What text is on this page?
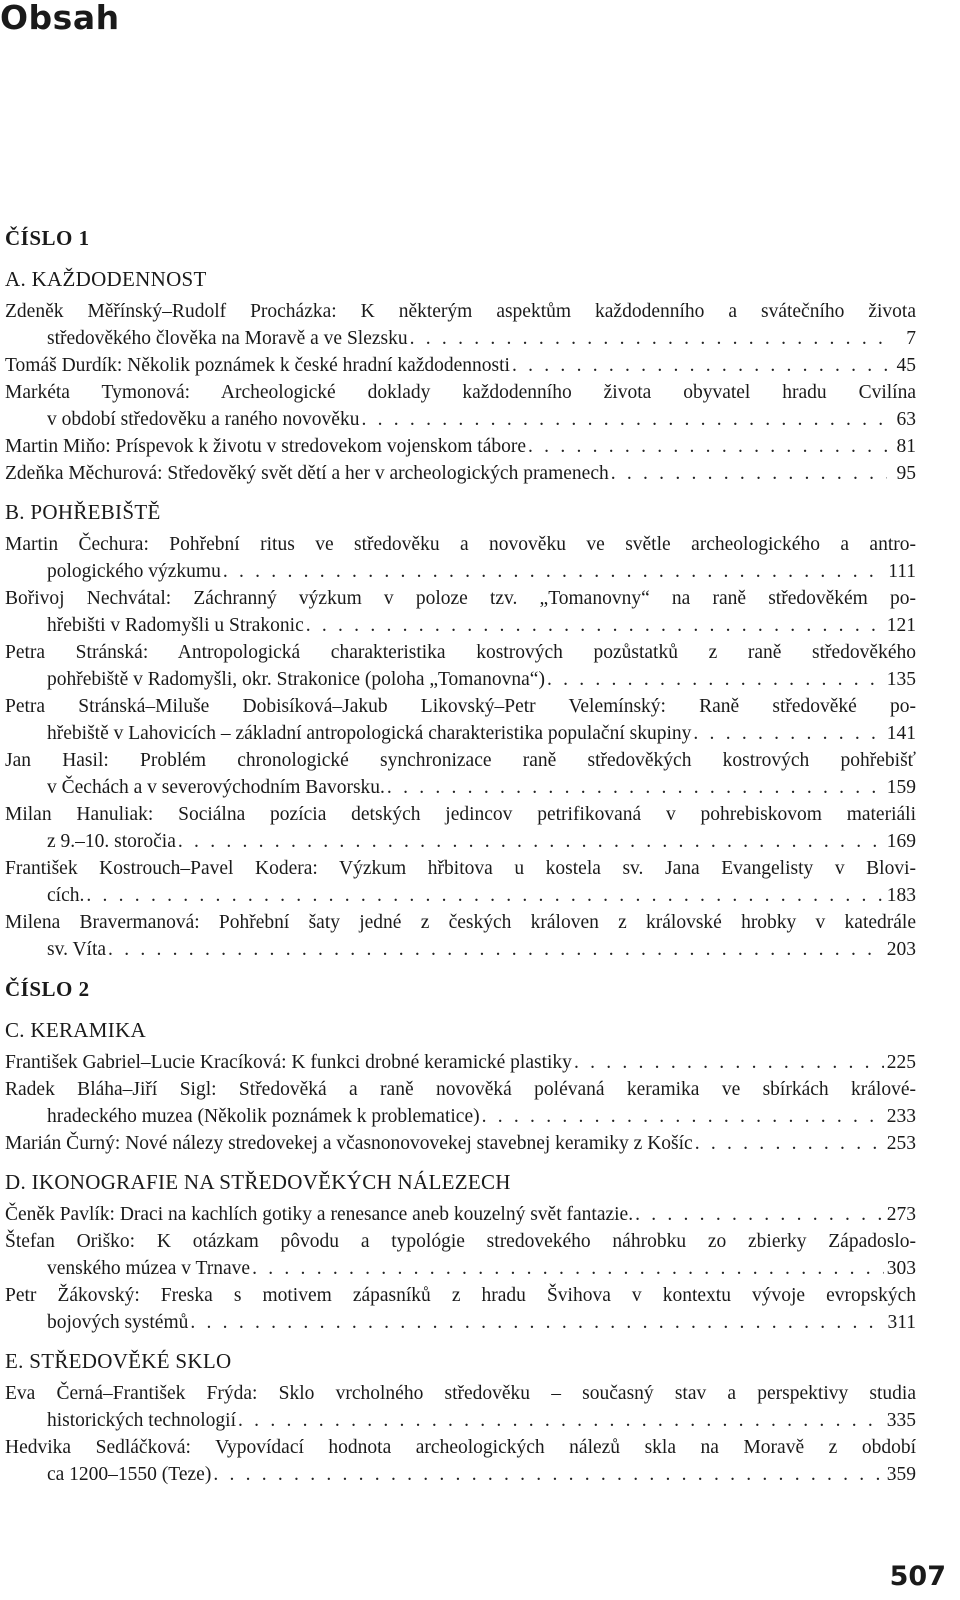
Obsah
ČÍSLO 1
A. KAŽDODENNOST
Zdeněk Měřínský–Rudolf Procházka: K některým aspektům každodenního a svátečního života
středověkého člověka na Moravě a ve Slezsku . . .	7
Tomáš Durdík: Několik poznámek k české hradní každodennosti . . .	45
Markéta Tymonová: Archeologické doklady každodenního života obyvatel hradu Cvilína
v období středověku a raného novověku . . .	63
Martin Miňo: Príspevok k životu v stredovekom vojenskom tábore . . .	81
Zdeňka Měchurová: Středověký svět dětí a her v archeologických pramenech . . .	95
B. POHŘEBIŠTĚ
Martin Čechura: Pohřební ritus ve středověku a novověku ve světle archeologického a antro-
pologického výzkumu . . .	111
Bořivoj Nechvátal: Záchranný výzkum v poloze tzv. „Tomanovny“ na raně středověkém po-
hřebišti v Radomyšli u Strakonic . . .	121
Petra Stránská: Antropologická charakteristika kostrových pozůstatků z raně středověkého
pohřebiště v Radomyšli, okr. Strakonice (poloha „Tomanovna“) . . .	135
Petra Stránská–Miluše Dobisíková–Jakub Likovský–Petr Velemínský: Raně středověké po-
hřebiště v Lahovicích – základní antropologická charakteristika populační skupiny . . .	141
Jan Hasil: Problém chronologické synchronizace raně středověkých kostrových pohřebišť
v Čechách a v severovýchodním Bavorsku. . . .	159
Milan Hanuliak: Sociálna pozícia detských jedincov petrifikovaná v pohrebiskovom materiáli
z 9.–10. storočia . . .	169
František Kostrouch–Pavel Kodera: Výzkum hřbitova u kostela sv. Jana Evangelisty v Blovi-
cích. . . .	183
Milena Bravermanová: Pohřební šaty jedné z českých královen z královské hrobky v katedrále
sv. Víta . . .	203
ČÍSLO 2
C. KERAMIKA
František Gabriel–Lucie Kracíková: K funkci drobné keramické plastiky . . .	225
Radek Bláha–Jiří Sigl: Středověká a raně novověká polévaná keramika ve sbírkách králové-
hradeckého muzea (Několik poznámek k problematice) . . .	233
Marián Čurný: Nové nálezy stredovekej a včasnonovovekej stavebnej keramiky z Košíc . . .	253
D. IKONOGRAFIE NA STŘEDOVĚKÝCH NÁLEZECH
Čeněk Pavlík: Draci na kachlích gotiky a renesance aneb kouzelný svět fantazie. . . .	273
Štefan Oriško: K otázkam pôvodu a typológie stredovekého náhrobku zo zbierky Západoslo-
venského múzea v Trnave . . .	303
Petr Žákovský: Freska s motivem zápasníků z hradu Švihova v kontextu vývoje evropských
bojových systémů . . .	311
E. STŘEDOVĚKÉ SKLO
Eva Černá–František Frýda: Sklo vrcholného středověku – současný stav a perspektivy studia
historických technologií . . .	335
Hedvika Sedláčková: Vypovídací hodnota archeologických nálezů skla na Moravě z období
ca 1200–1550 (Teze) . . .	359
507
